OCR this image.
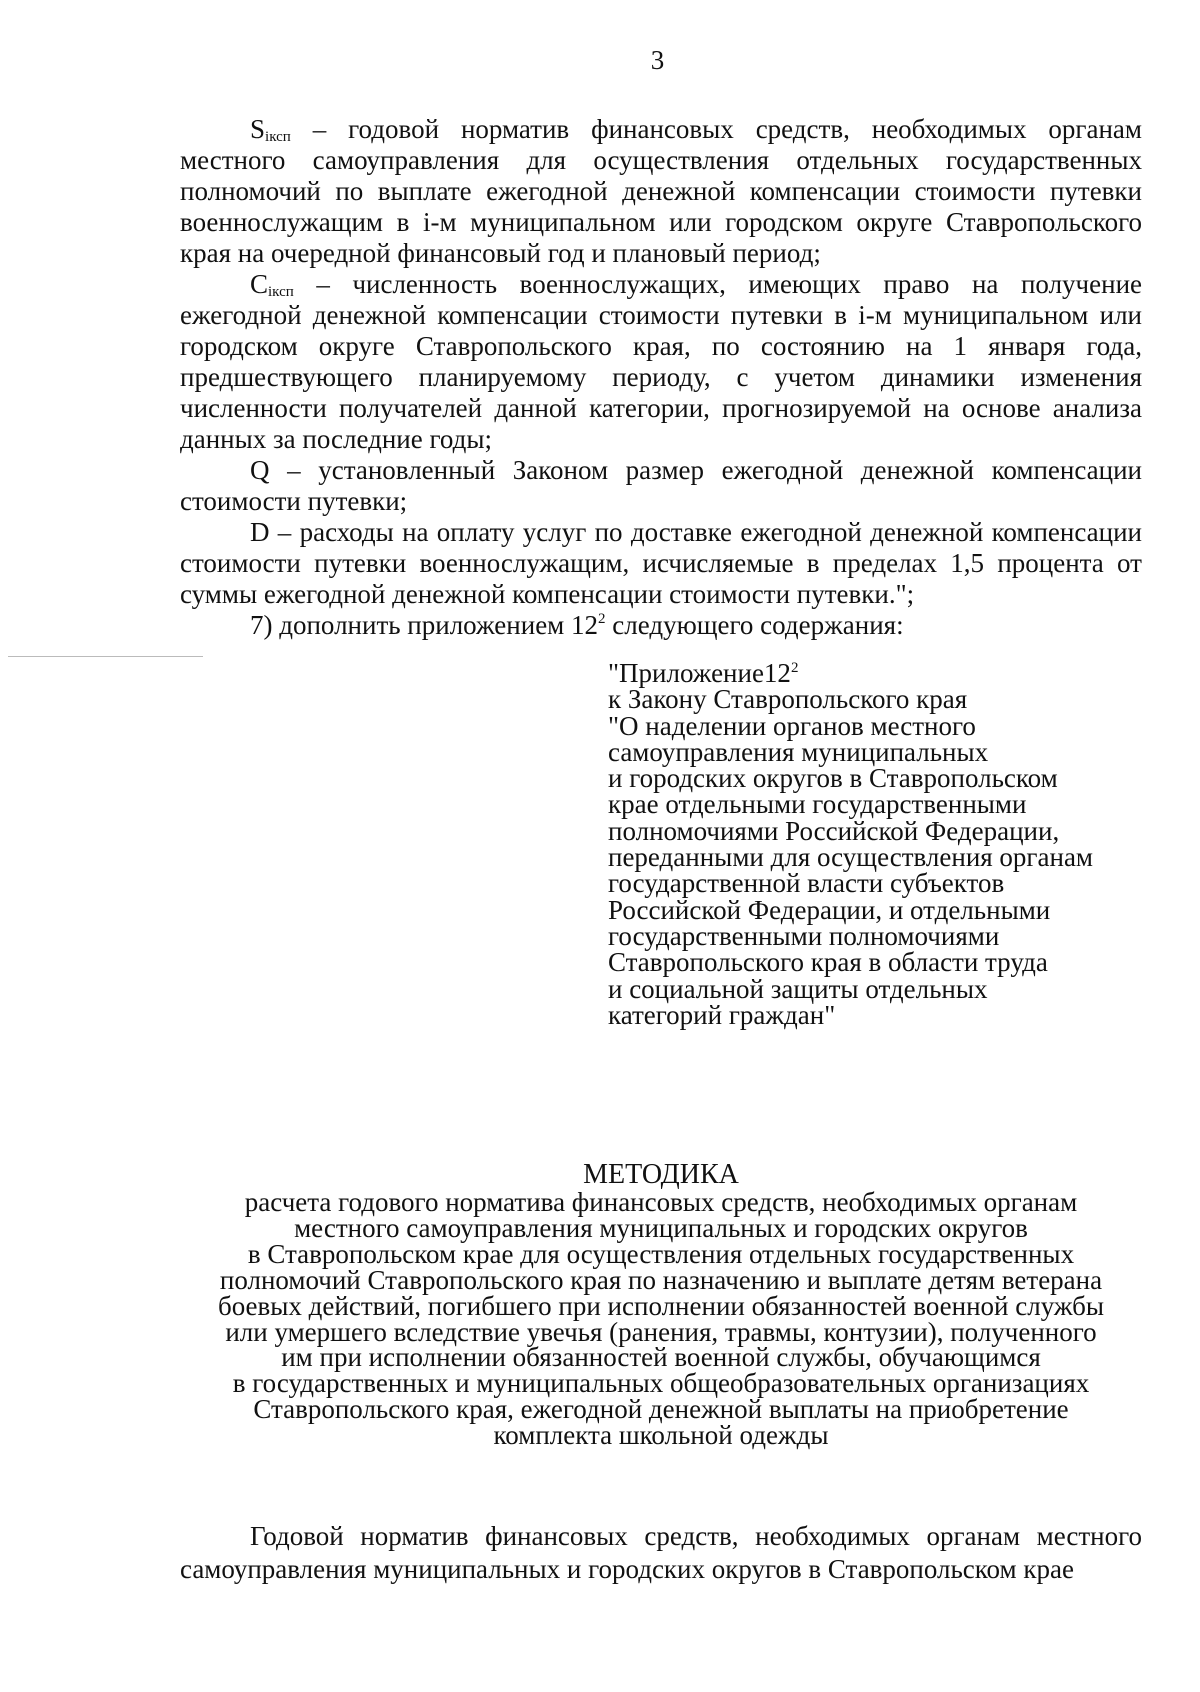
3

$S_{iксп}$ – годовой норматив финансовых средств, необходимых органам местного самоуправления для осуществления отдельных государственных полномочий по выплате ежегодной денежной компенсации стоимости путевки военнослужащим в i-м муниципальном или городском округе Ставропольского края на очередной финансовый год и плановый период;

$C_{iксп}$ – численность военнослужащих, имеющих право на получение ежегодной денежной компенсации стоимости путевки в i-м муниципальном или городском округе Ставропольского края, по состоянию на 1 января года, предшествующего планируемому периоду, с учетом динамики изменения численности получателей данной категории, прогнозируемой на основе анализа данных за последние годы;

Q – установленный Законом размер ежегодной денежной компенсации стоимости путевки;

D – расходы на оплату услуг по доставке ежегодной денежной компенсации стоимости путевки военнослужащим, исчисляемые в пределах 1,5 процента от суммы ежегодной денежной компенсации стоимости путевки.";

7) дополнить приложением $12^2$ следующего содержания:

"$Приложение12^2$
к Закону Ставропольского края
"О наделении органов местного
самоуправления муниципальных
и городских округов в Ставропольском
крае отдельными государственными
полномочиями Российской Федерации,
переданными для осуществления органам
государственной власти субъектов
Российской Федерации, и отдельными
государственными полномочиями
Ставропольского края в области труда
и социальной защиты отдельных
категорий граждан"
МЕТОДИКА
расчета годового норматива финансовых средств, необходимых органам
местного самоуправления муниципальных и городских округов
в Ставропольском крае для осуществления отдельных государственных
полномочий Ставропольского края по назначению и выплате детям ветерана
боевых действий, погибшего при исполнении обязанностей военной службы
или умершего вследствие увечья (ранения, травмы, контузии), полученного
им при исполнении обязанностей военной службы, обучающимся
в государственных и муниципальных общеобразовательных организациях
Ставропольского края, ежегодной денежной выплаты на приобретение
комплекта школьной одежды
Годовой норматив финансовых средств, необходимых органам местного самоуправления муниципальных и городских округов в Ставропольском крае
